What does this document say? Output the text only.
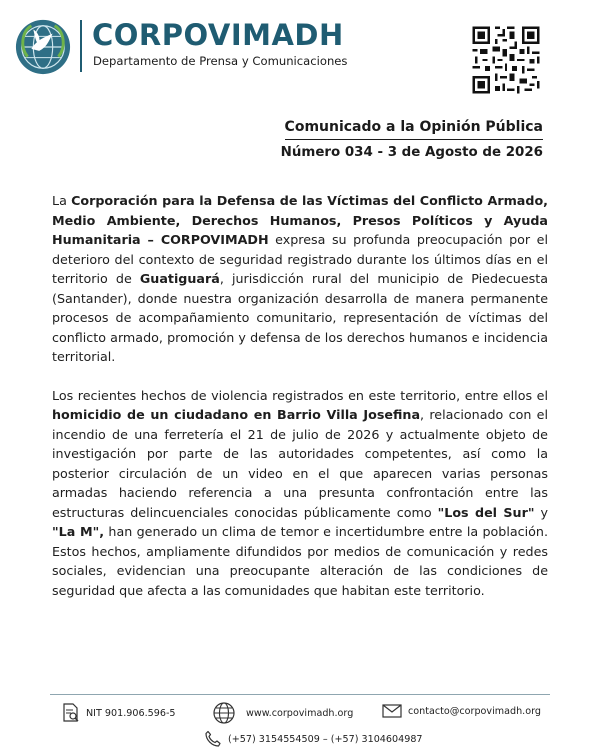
CORPOVIMADH
Departamento de Prensa y Comunicaciones
Comunicado a la Opinión Pública
Número 034 - 3 de Agosto de 2026

La Corporación para la Defensa de las Víctimas del Conflicto Armado, Medio Ambiente, Derechos Humanos, Presos Políticos y Ayuda Humanitaria – CORPOVIMADH expresa su profunda preocupación por el deterioro del contexto de seguridad registrado durante los últimos días en el territorio de Guatiguará, jurisdicción rural del municipio de Piedecuesta (Santander), donde nuestra organización desarrolla de manera permanente procesos de acompañamiento comunitario, representación de víctimas del conflicto armado, promoción y defensa de los derechos humanos e incidencia territorial.

Los recientes hechos de violencia registrados en este territorio, entre ellos el homicidio de un ciudadano en Barrio Villa Josefina, relacionado con el incendio de una ferretería el 21 de julio de 2026 y actualmente objeto de investigación por parte de las autoridades competentes, así como la posterior circulación de un video en el que aparecen varias personas armadas haciendo referencia a una presunta confrontación entre las estructuras delincuenciales conocidas públicamente como "Los del Sur" y "La M", han generado un clima de temor e incertidumbre entre la población. Estos hechos, ampliamente difundidos por medios de comunicación y redes sociales, evidencian una preocupante alteración de las condiciones de seguridad que afecta a las comunidades que habitan este territorio.

NIT 901.906.596-5	www.corpovimadh.org	contacto@corpovimadh.org
(+57) 3154554509 – (+57) 3104604987
